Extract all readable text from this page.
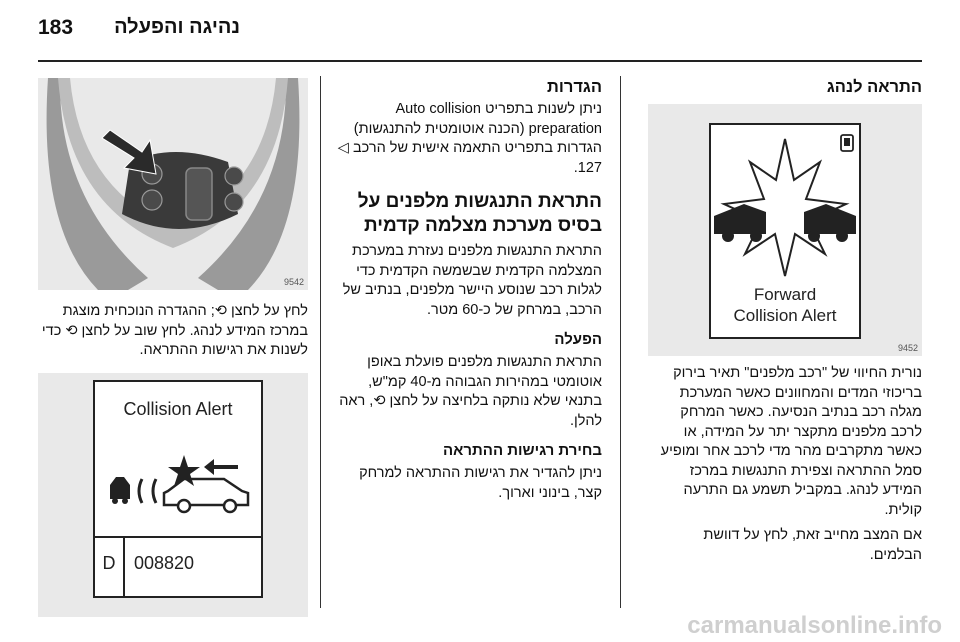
183	נהיגה והפעלה
התראה לנהג
Forward
Collision Alert
9452
נורית החיווי של "רכב מלפנים" תאיר בירוק בריכוזי המדים והמחוונים כאשר המערכת מגלה רכב בנתיב הנסיעה. כאשר המרחק לרכב מלפנים מתקצר יתר על המידה, או כאשר מתקרבים מהר מדי לרכב אחר ומופיע סמל ההתראה וצפירת התנגשות במרכז המידע לנהג. במקביל תשמע גם התרעה קולית.
אם המצב מחייב זאת, לחץ על דוושת הבלמים.
הגדרות
ניתן לשנות בתפריט Auto collision preparation (הכנה אוטומטית להתנגשות) הגדרות בתפריט התאמה אישית של הרכב ◁ 127.
התראת התנגשות מלפנים על בסיס מערכת מצלמה קדמית
התראת התנגשות מלפנים נעזרת במערכת המצלמה הקדמית שבשמשה הקדמית כדי לגלות רכב שנוסע היישר מלפנים, בנתיב של הרכב, במרחק של כ-60 מטר.
הפעלה
התראת התנגשות מלפנים פועלת באופן אוטומטי במהירות הגבוהה מ-40 קמ"ש, בתנאי שלא נותקה בלחיצה על לחצן ⟲, ראה להלן.
בחירת רגישות ההתראה
ניתן להגדיר את רגישות ההתראה למרחק קצר, בינוני וארוך.
9542
לחץ על לחצן ⟲; ההגדרה הנוכחית מוצגת במרכז המידע לנהג. לחץ שוב על לחצן ⟲ כדי לשנות את רגישות ההתראה.
Collision Alert
D 008820
carmanualsonline.info
